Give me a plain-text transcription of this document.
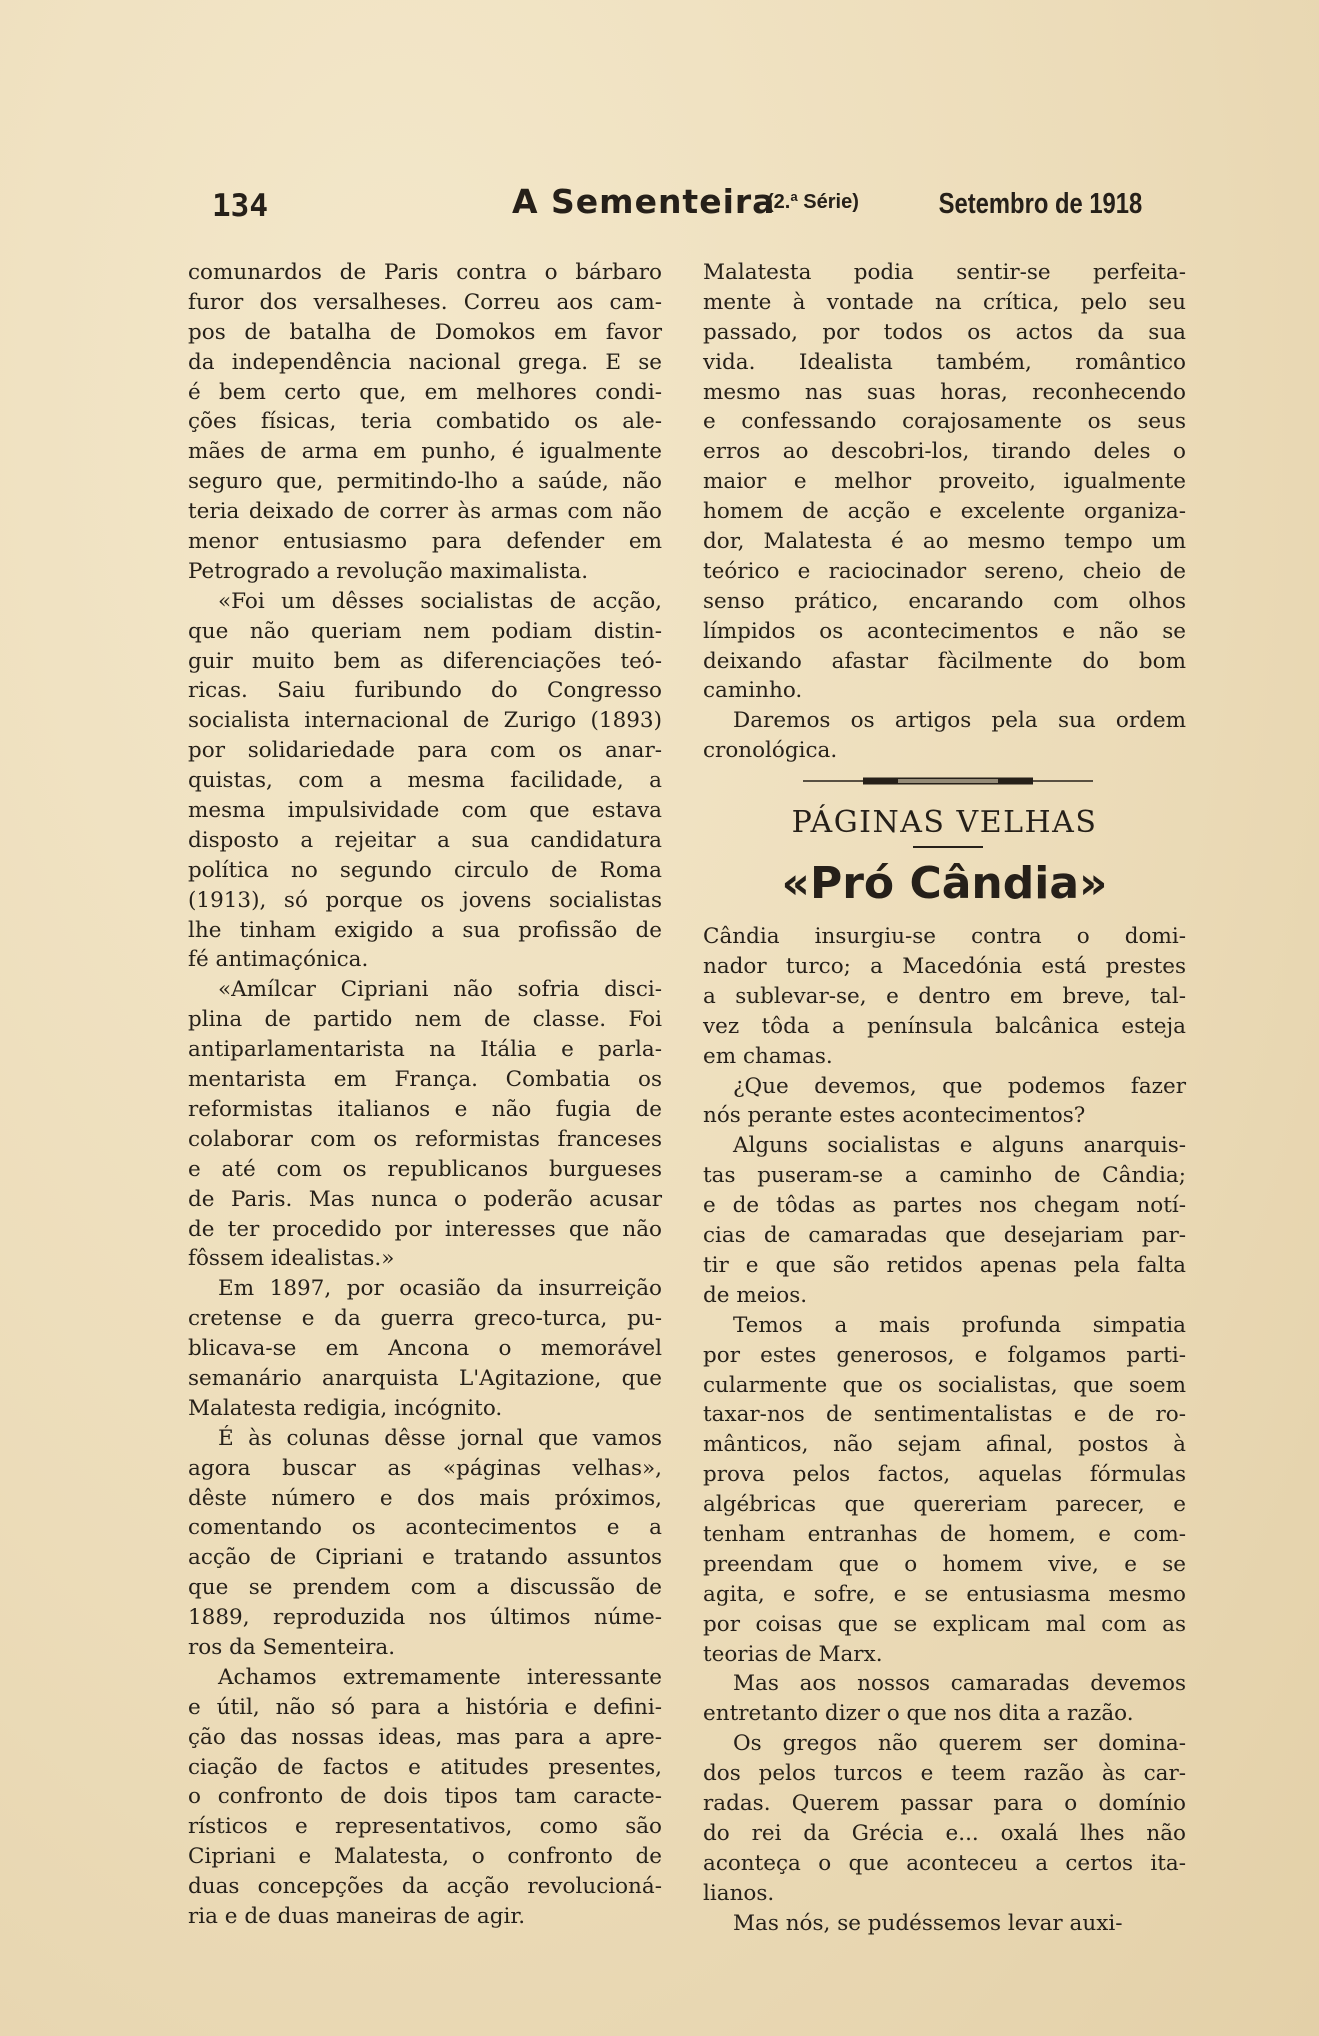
134	A Sementeira
(2.ª Série)	Setembro de 1918
comunardos de Paris contra o bárbaro
furor dos versalheses. Correu aos cam-
pos de batalha de Domokos em favor
da independência nacional grega. E se
é bem certo que, em melhores condi-
ções físicas, teria combatido os ale-
mães de arma em punho, é igualmente
seguro que, permitindo-lho a saúde, não
teria deixado de correr às armas com não
menor entusiasmo para defender em
Petrogrado a revolução maximalista.
«Foi um dêsses socialistas de acção,
que não queriam nem podiam distin-
guir muito bem as diferenciações teó-
ricas. Saiu furibundo do Congresso
socialista internacional de Zurigo (1893)
por solidariedade para com os anar-
quistas, com a mesma facilidade, a
mesma impulsividade com que estava
disposto a rejeitar a sua candidatura
política no segundo circulo de Roma
(1913), só porque os jovens socialistas
lhe tinham exigido a sua profissão de
fé antimaçónica.
«Amílcar Cipriani não sofria disci-
plina de partido nem de classe. Foi
antiparlamentarista na Itália e parla-
mentarista em França. Combatia os
reformistas italianos e não fugia de
colaborar com os reformistas franceses
e até com os republicanos burgueses
de Paris. Mas nunca o poderão acusar
de ter procedido por interesses que não
fôssem idealistas.»
Em 1897, por ocasião da insurreição
cretense e da guerra greco-turca, pu-
blicava-se em Ancona o memorável
semanário anarquista L'Agitazione, que
Malatesta redigia, incógnito.
É às colunas dêsse jornal que vamos
agora buscar as «páginas velhas»,
dêste número e dos mais próximos,
comentando os acontecimentos e a
acção de Cipriani e tratando assuntos
que se prendem com a discussão de
1889, reproduzida nos últimos núme-
ros da Sementeira.
Achamos extremamente interessante
e útil, não só para a história e defini-
ção das nossas ideas, mas para a apre-
ciação de factos e atitudes presentes,
o confronto de dois tipos tam caracte-
rísticos e representativos, como são
Cipriani e Malatesta, o confronto de
duas concepções da acção revolucioná-
ria e de duas maneiras de agir.
Malatesta podia sentir-se perfeita-
mente à vontade na crítica, pelo seu
passado, por todos os actos da sua
vida. Idealista também, romântico
mesmo nas suas horas, reconhecendo
e confessando corajosamente os seus
erros ao descobri-los, tirando deles o
maior e melhor proveito, igualmente
homem de acção e excelente organiza-
dor, Malatesta é ao mesmo tempo um
teórico e raciocinador sereno, cheio de
senso prático, encarando com olhos
límpidos os acontecimentos e não se
deixando afastar fàcilmente do bom
caminho.
Daremos os artigos pela sua ordem
cronológica.
PÁGINAS VELHAS
«Pró Cândia»
Cândia insurgiu-se contra o domi-
nador turco; a Macedónia está prestes
a sublevar-se, e dentro em breve, tal-
vez tôda a península balcânica esteja
em chamas.
¿Que devemos, que podemos fazer
nós perante estes acontecimentos?
Alguns socialistas e alguns anarquis-
tas puseram-se a caminho de Cândia;
e de tôdas as partes nos chegam notí-
cias de camaradas que desejariam par-
tir e que são retidos apenas pela falta
de meios.
Temos a mais profunda simpatia
por estes generosos, e folgamos parti-
cularmente que os socialistas, que soem
taxar-nos de sentimentalistas e de ro-
mânticos, não sejam afinal, postos à
prova pelos factos, aquelas fórmulas
algébricas que quereriam parecer, e
tenham entranhas de homem, e com-
preendam que o homem vive, e se
agita, e sofre, e se entusiasma mesmo
por coisas que se explicam mal com as
teorias de Marx.
Mas aos nossos camaradas devemos
entretanto dizer o que nos dita a razão.
Os gregos não querem ser domina-
dos pelos turcos e teem razão às car-
radas. Querem passar para o domínio
do rei da Grécia e... oxalá lhes não
aconteça o que aconteceu a certos ita-
lianos.
Mas nós, se pudéssemos levar auxi-
